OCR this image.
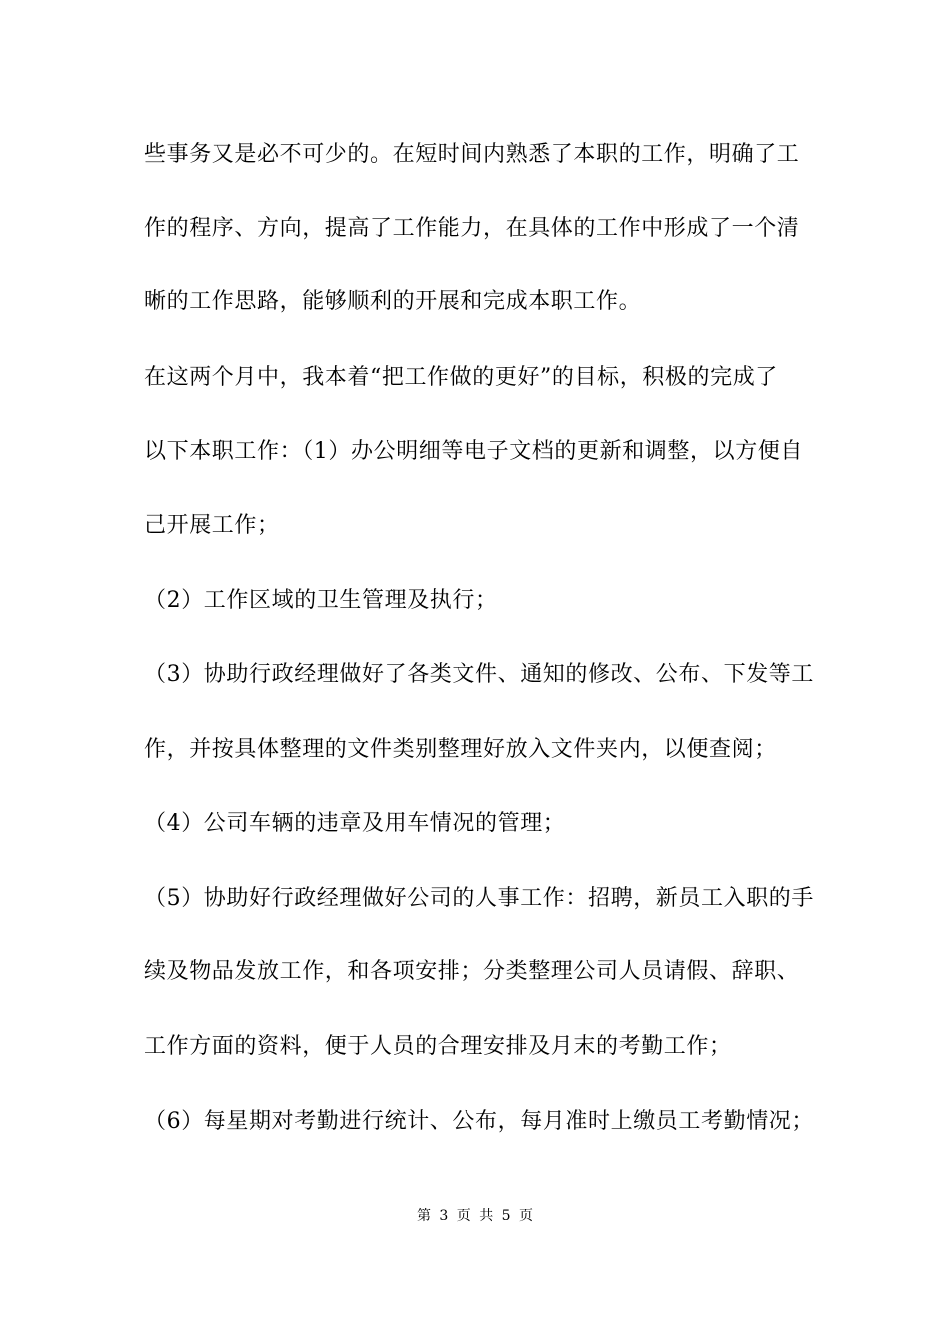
些事务又是必不可少的。在短时间内熟悉了本职的工作，明确了工
作的程序、方向，提高了工作能力，在具体的工作中形成了一个清
晰的工作思路，能够顺利的开展和完成本职工作。
在这两个月中，我本着“把工作做的更好”的目标，积极的完成了
以下本职工作：（1）办公明细等电子文档的更新和调整，以方便自
己开展工作；
（2）工作区域的卫生管理及执行；
（3）协助行政经理做好了各类文件、通知的修改、公布、下发等工
作，并按具体整理的文件类别整理好放入文件夹内，以便查阅；
（4）公司车辆的违章及用车情况的管理；
（5）协助好行政经理做好公司的人事工作：招聘，新员工入职的手
续及物品发放工作，和各项安排；分类整理公司人员请假、辞职、
工作方面的资料，便于人员的合理安排及月末的考勤工作；
（6）每星期对考勤进行统计、公布，每月准时上缴员工考勤情况；
第 3 页 共 5 页
